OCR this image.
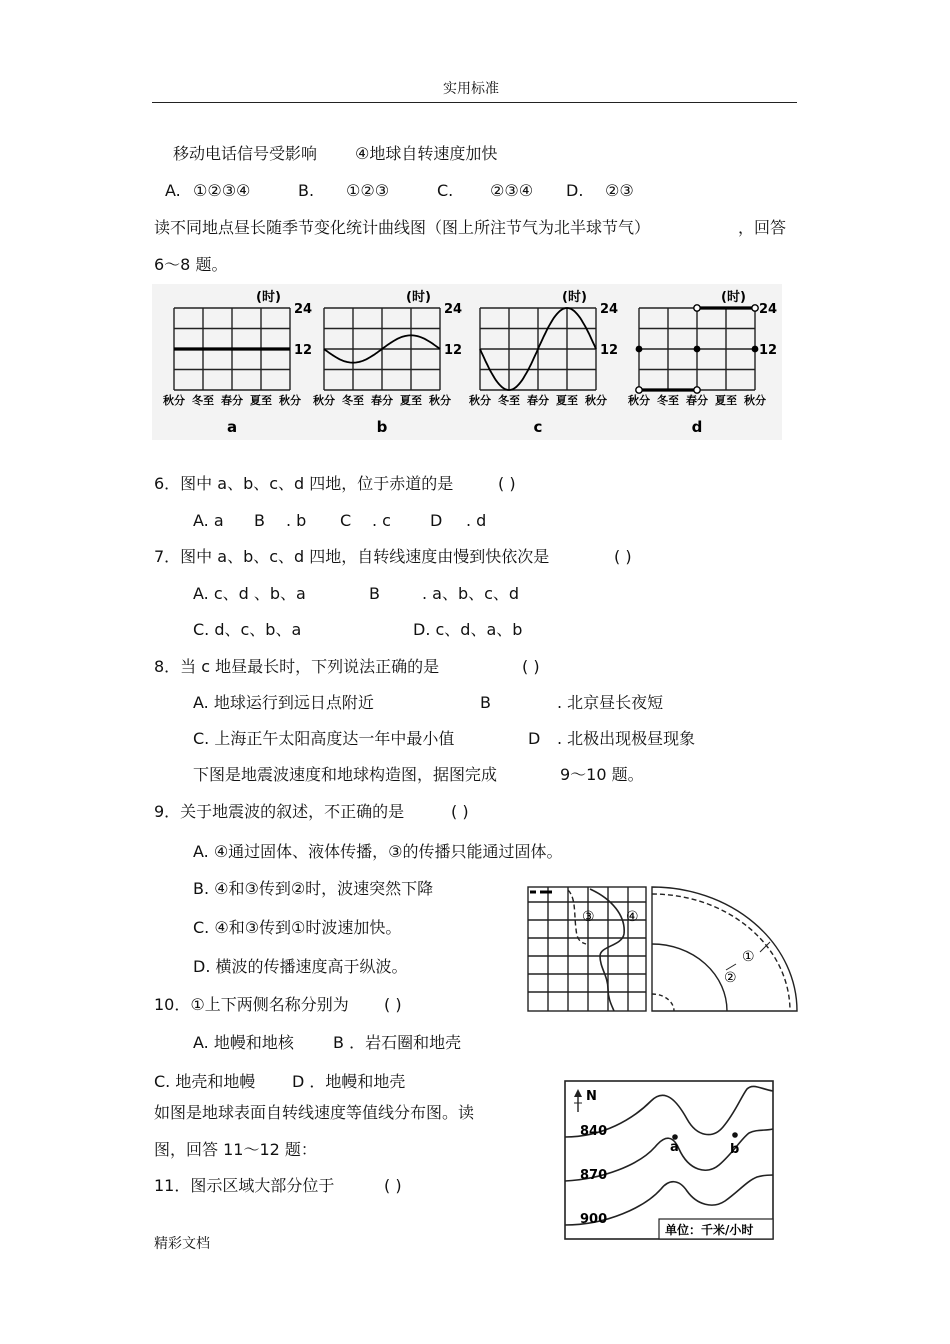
实用标准
精彩文档
移动电话信号受影响 ④地球自转速度加快
A. ①②③④	B. ①②③	C. ②③④ D. ②③
读不同地点昼长随季节变化统计曲线图（图上所注节气为北半球节气）	，回答
6～8 题。
(时)
24
12
秋分 冬至 春分 夏至 秋分
a
(时)
24
12
秋分 冬至 春分 夏至 秋分
b
(时)
24
12
秋分 冬至 春分 夏至 秋分
c
(时)
24
12
秋分 冬至 春分 夏至 秋分
d
6．图中 a、b、c、d 四地，位于赤道的是	( )
A. a B . b C . c D . d
7．图中 a、b、c、d 四地，自转线速度由慢到快依次是	( )
A. c、d 、b、a	B	. a、b、c、d
C. d、c、b、a	D. c、d、a、b
8．当 c 地昼最长时，下列说法正确的是	( )
A. 地球运行到远日点附近	B	. 北京昼长夜短
C. 上海正午太阳高度达一年中最小值	D . 北极出现极昼现象
下图是地震波速度和地球构造图，据图完成	9～10 题。
9．关于地震波的叙述，不正确的是	( )
A. ④通过固体、液体传播，③的传播只能通过固体。
B. ④和③传到②时，波速突然下降
C. ④和③传到①时波速加快。
D. 横波的传播速度高于纵波。
10．①上下两侧名称分别为 ( )
A. 地幔和地核 B ．岩石圈和地壳
C. 地壳和地幔 D ．地幔和地壳
如图是地球表面自转线速度等值线分布图。读
图，回答 11～12 题：
11．图示区域大部分位于	( )
③ ④
①
②
N
840
870
900
a	b
单位：千米/小时
